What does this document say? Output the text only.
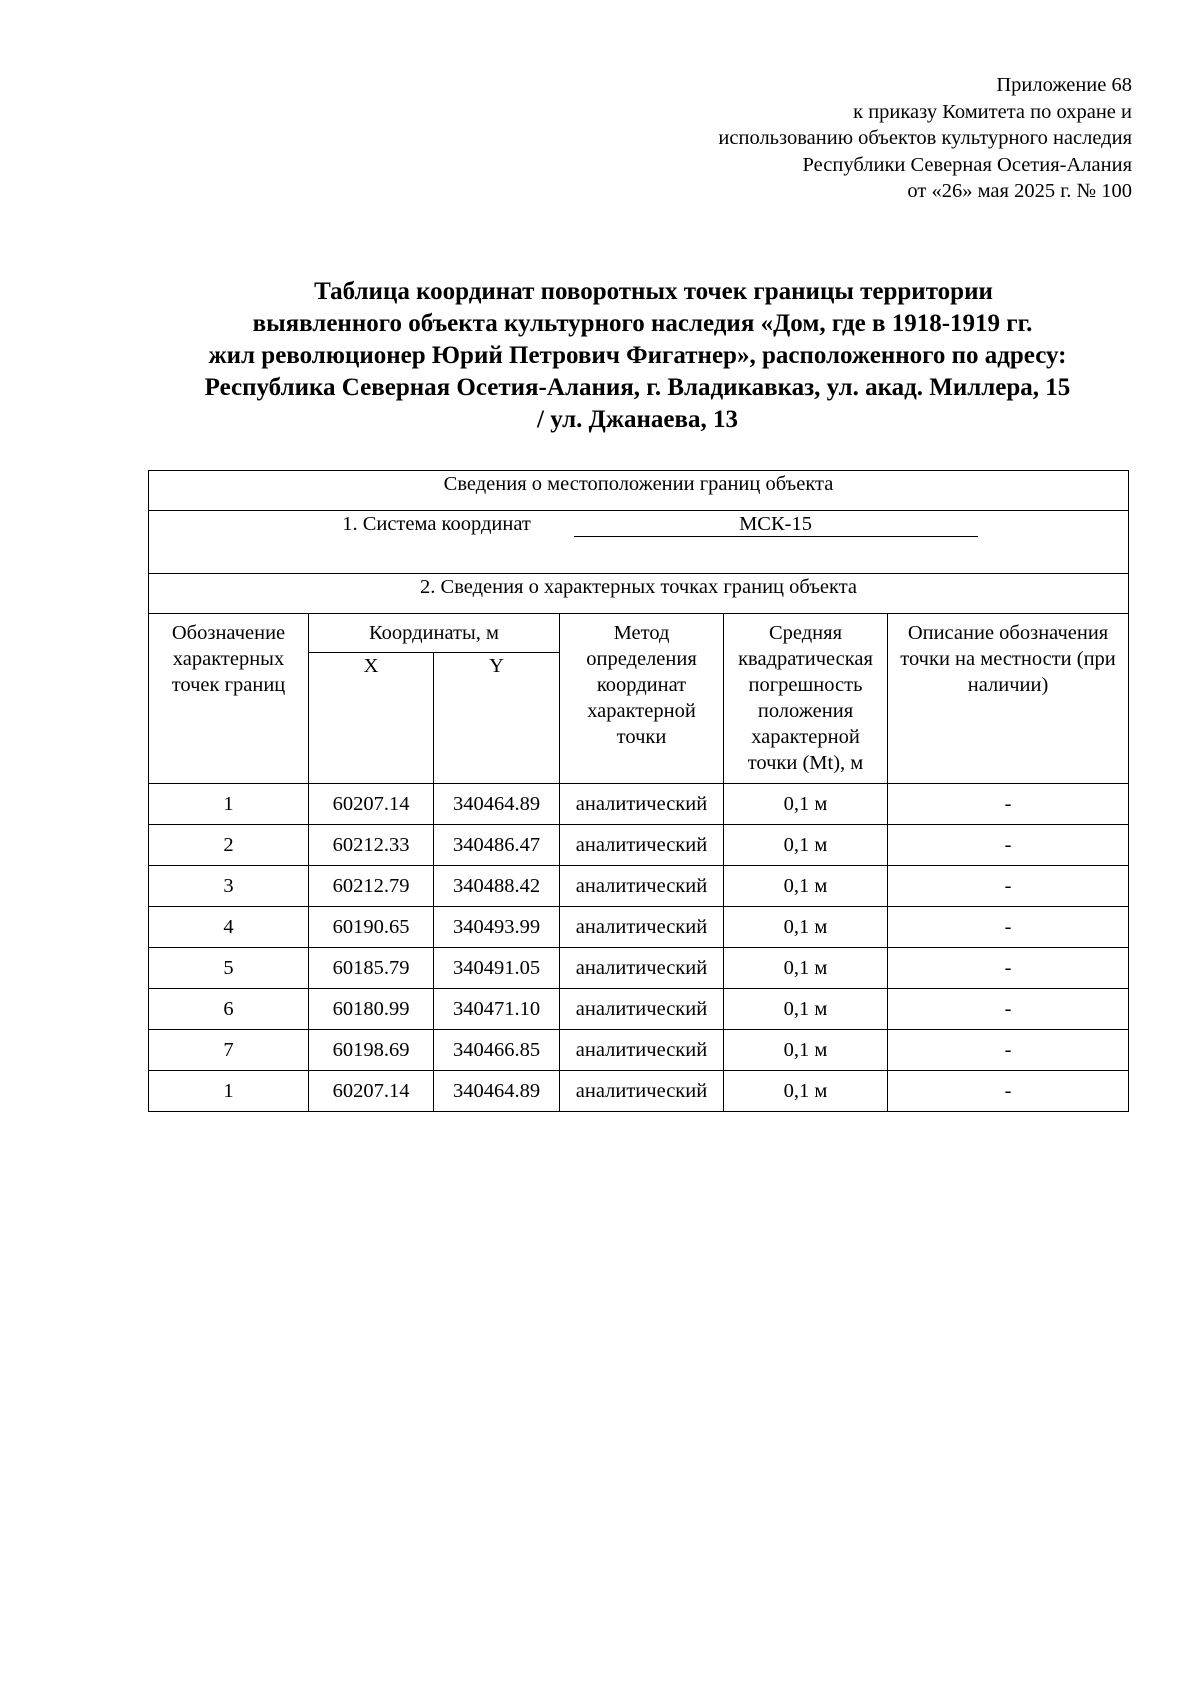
Приложение 68
к приказу Комитета по охране и
использованию объектов культурного наследия
Республики Северная Осетия-Алания
от «26» мая 2025 г. № 100
Таблица координат поворотных точек границы территории
выявленного объекта культурного наследия «Дом, где в 1918-1919 гг.
жил революционер Юрий Петрович Фигатнер», расположенного по адресу:
Республика Северная Осетия-Алания, г. Владикавказ, ул. акад. Миллера, 15
/ ул. Джанаева, 13
Сведения о местоположении границ объекта					
1. Система координат МСК-15					
2. Сведения о характерных точках границ объекта					
Обозначение характерных точек границ	Координаты, м		Метод определения координат характерной точки	Средняя квадратическая погрешность положения характерной точки (Mt), м	Описание обозначения точки на местности (при наличии)
	X	Y			
1	60207.14	340464.89	аналитический	0,1 м	-
2	60212.33	340486.47	аналитический	0,1 м	-
3	60212.79	340488.42	аналитический	0,1 м	-
4	60190.65	340493.99	аналитический	0,1 м	-
5	60185.79	340491.05	аналитический	0,1 м	-
6	60180.99	340471.10	аналитический	0,1 м	-
7	60198.69	340466.85	аналитический	0,1 м	-
1	60207.14	340464.89	аналитический	0,1 м	-
